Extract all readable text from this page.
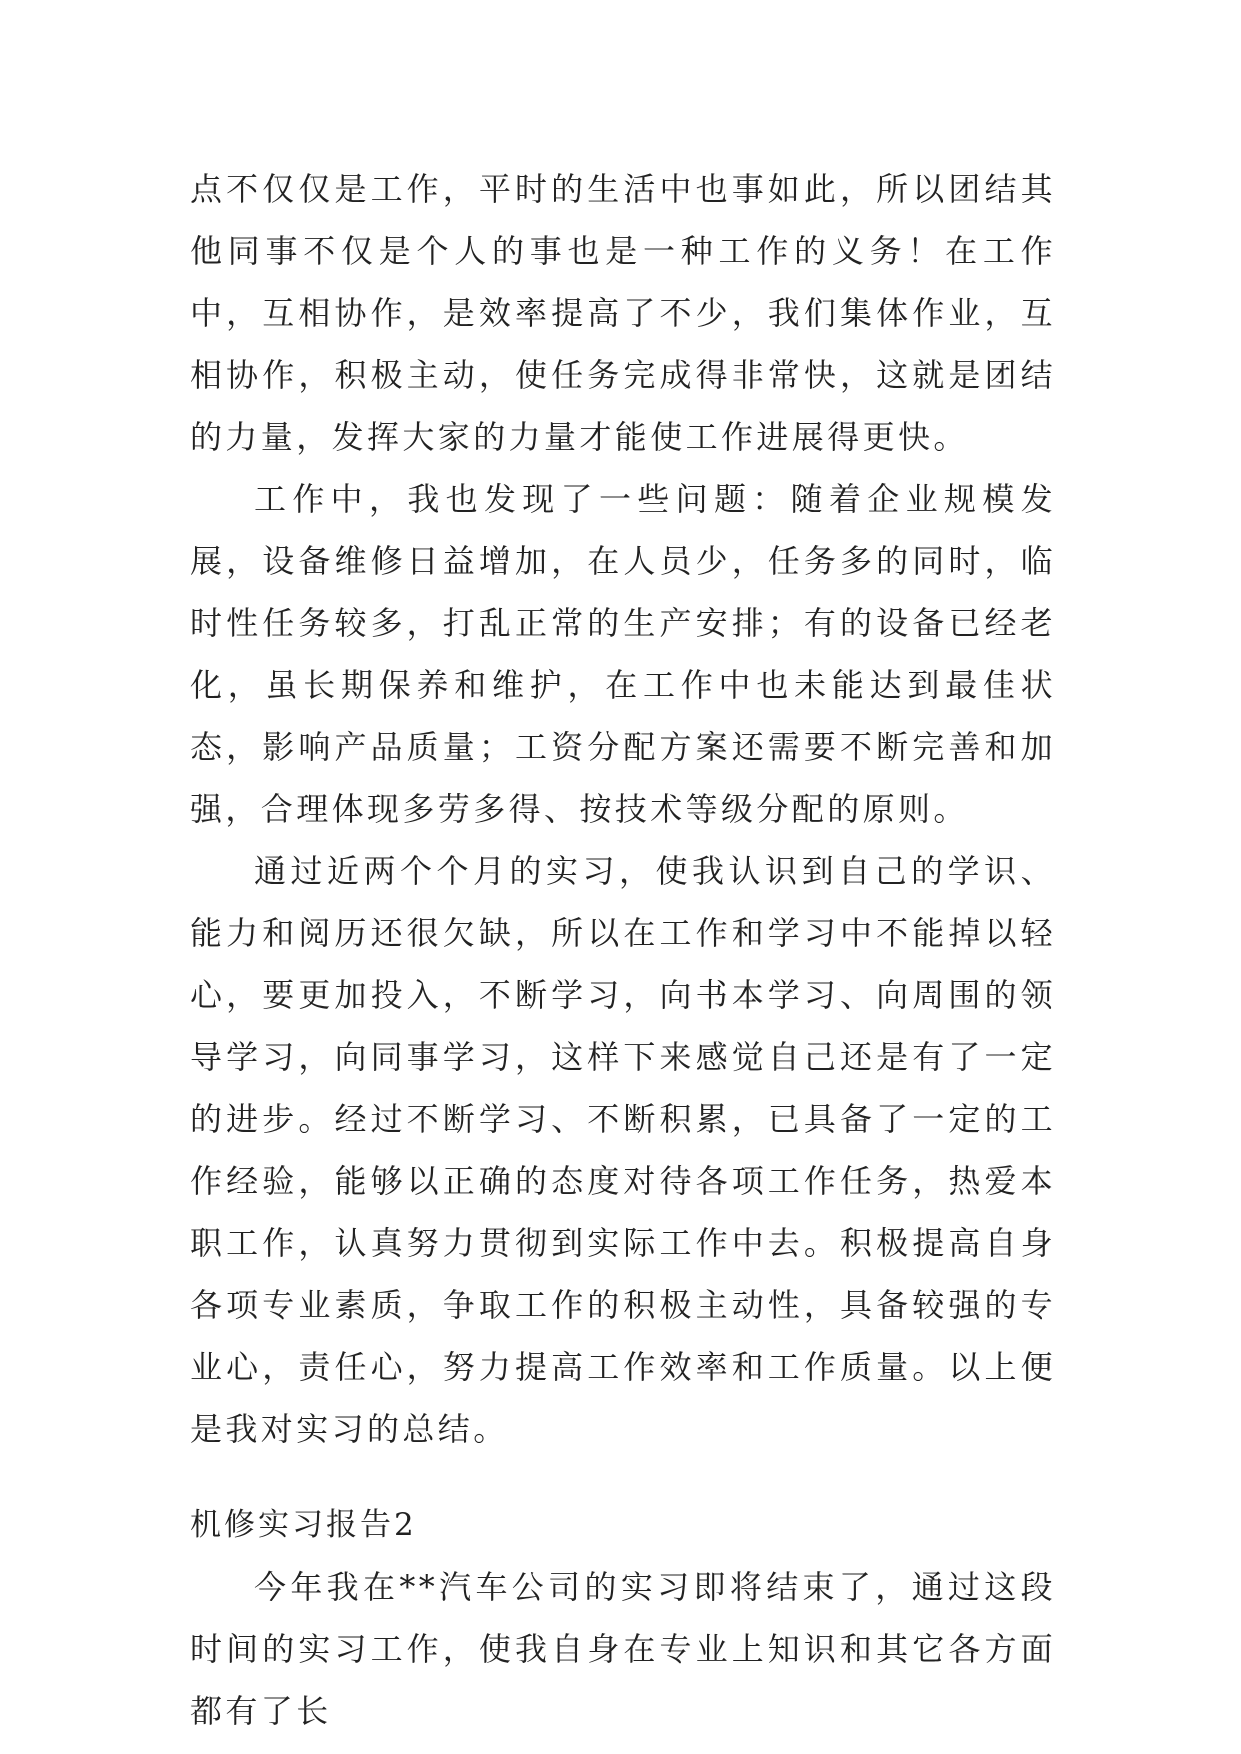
点不仅仅是工作，平时的生活中也事如此，所以团结其他同事不仅是个人的事也是一种工作的义务！在工作中，互相协作，是效率提高了不少，我们集体作业，互相协作，积极主动，使任务完成得非常快，这就是团结的力量，发挥大家的力量才能使工作进展得更快。

工作中，我也发现了一些问题：随着企业规模发展，设备维修日益增加，在人员少，任务多的同时，临时性任务较多，打乱正常的生产安排；有的设备已经老化，虽长期保养和维护，在工作中也未能达到最佳状态，影响产品质量；工资分配方案还需要不断完善和加强，合理体现多劳多得、按技术等级分配的原则。

通过近两个个月的实习，使我认识到自己的学识、能力和阅历还很欠缺，所以在工作和学习中不能掉以轻心，要更加投入，不断学习，向书本学习、向周围的领导学习，向同事学习，这样下来感觉自己还是有了一定的进步。经过不断学习、不断积累，已具备了一定的工作经验，能够以正确的态度对待各项工作任务，热爱本职工作，认真努力贯彻到实际工作中去。积极提高自身各项专业素质，争取工作的积极主动性，具备较强的专业心，责任心，努力提高工作效率和工作质量。以上便是我对实习的总结。

机修实习报告2

今年我在**汽车公司的实习即将结束了，通过这段时间的实习工作，使我自身在专业上知识和其它各方面都有了长
